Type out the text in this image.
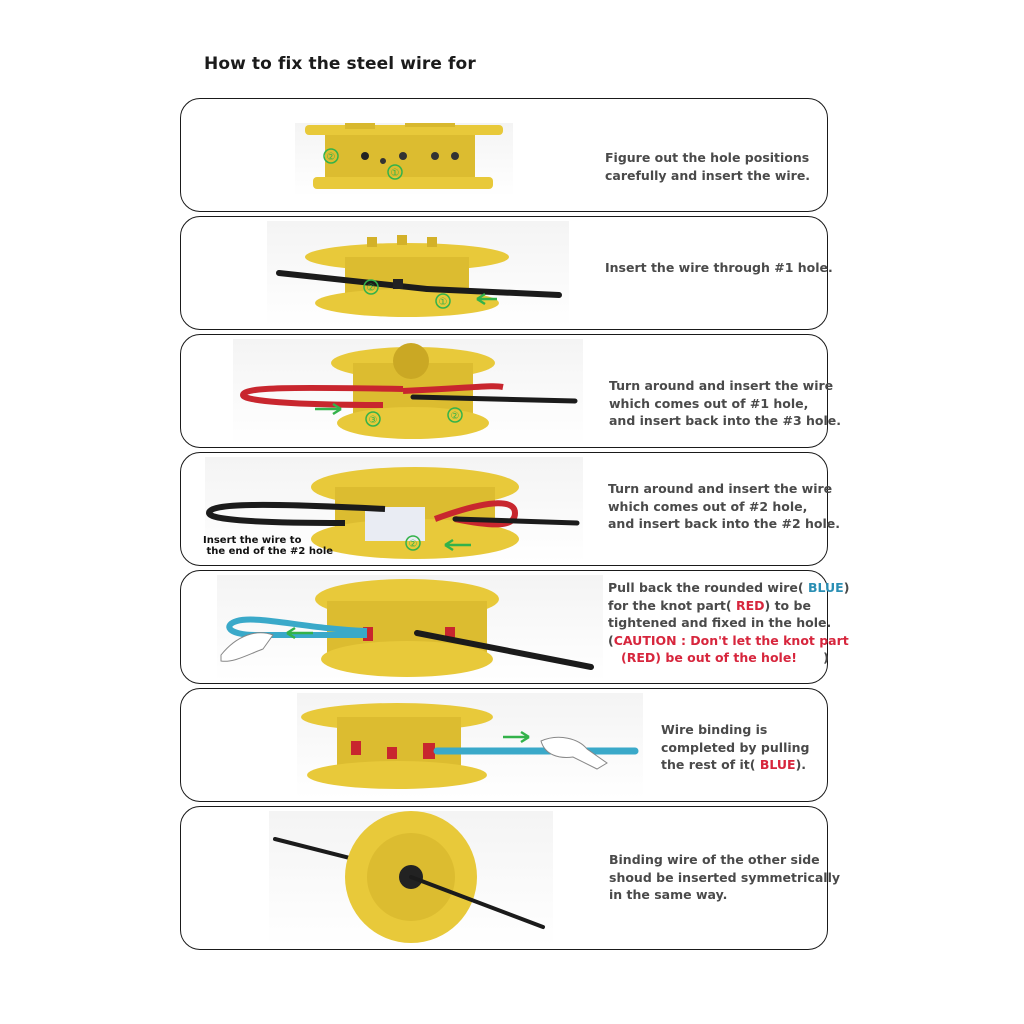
How to fix the steel wire for
②
①
Figure out the hole positions
carefully and insert the wire.
②
①
Insert the wire through #1 hole.
③	②
Turn around and insert the wire
which comes out of #1 hole,
and insert back into the #3 hole.
②
Insert the wire to
the end of the #2 hole
Turn around and insert the wire
which comes out of #2 hole,
and insert back into the #2 hole.
Pull back the rounded wire( BLUE)
for the knot part( RED) to be
tightened and fixed in the hole.
(CAUTION : Don't let the knot part
(RED) be out of the hole!      )
Wire binding is
completed by pulling
the rest of it( BLUE).
Binding wire of the other side
shoud be inserted symmetrically
in the same way.
